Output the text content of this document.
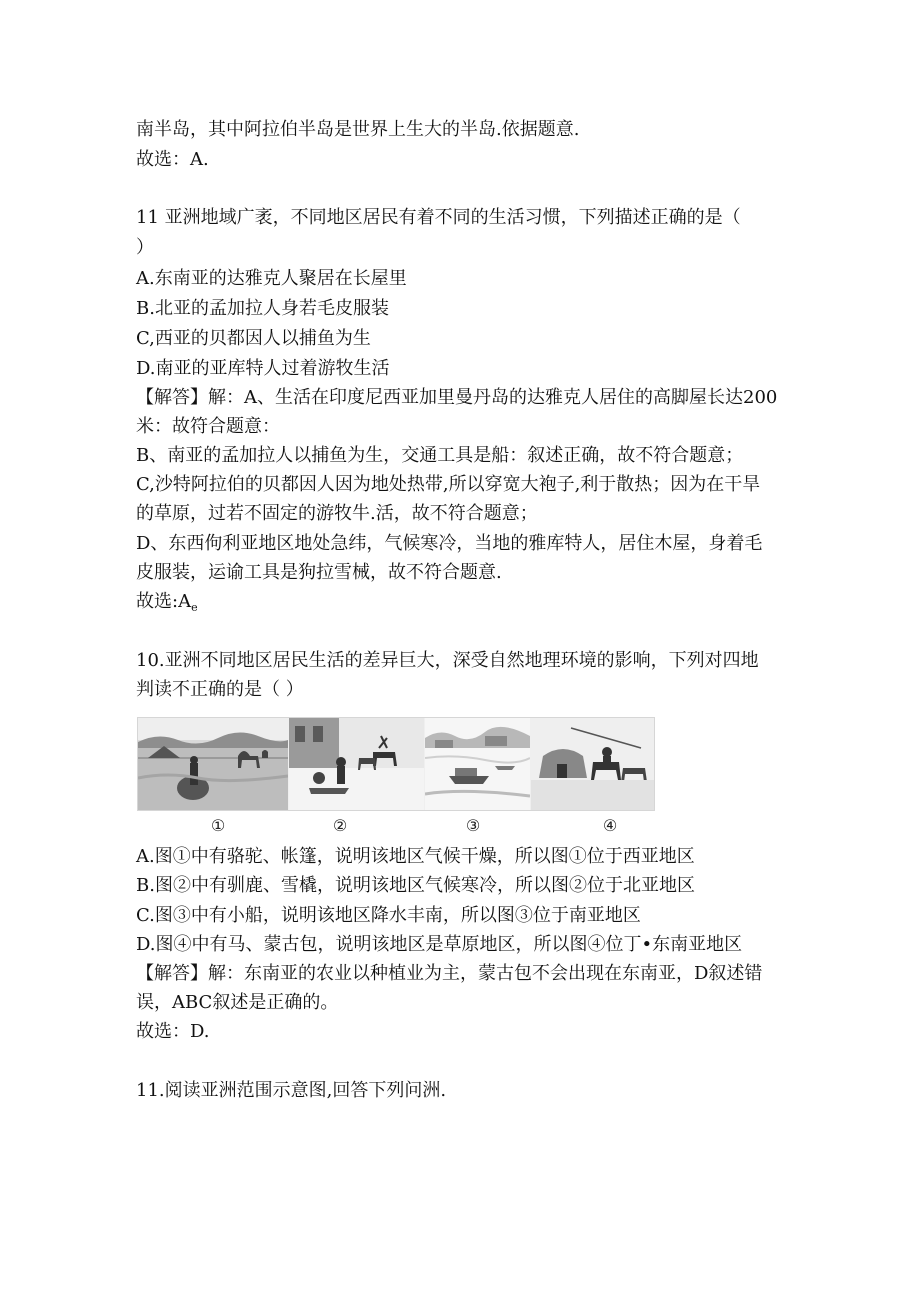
南半岛，其中阿拉伯半岛是世界上生大的半岛.依据题意.
故选：A.
11 亚洲地域广袤，不同地区居民有着不同的生活习惯，下列描述正确的是（
）
A.东南亚的达雅克人聚居在长屋里
B.北亚的孟加拉人身若毛皮服装
C,西亚的贝都因人以捕鱼为生
D.南亚的亚库特人过着游牧生活
【解答】解：A、生活在印度尼西亚加里曼丹岛的达雅克人居住的高脚屋长达200
米：故符合题意：
B、南亚的孟加拉人以捕鱼为生，交通工具是船：叙述正确，故不符合题意；
C,沙特阿拉伯的贝都因人因为地处热带,所以穿宽大袍子,利于散热；因为在干旱
的草原，过若不固定的游牧牛.活，故不符合题意；
D、东西佝利亚地区地处急纬，气候寒冷，当地的雅库特人，居住木屋，身着毛
皮服装，运谕工具是狗拉雪械，故不符合题意.
故选$:A_e$
10.亚洲不同地区居民生活的差异巨大，深受自然地理环境的影响，下列对四地
判读不正确的是（ ）
①	②	③	④
A.图①中有骆驼、帐篷，说明该地区气候干燥，所以图①位于西亚地区
B.图②中有驯鹿、雪橇，说明该地区气候寒冷，所以图②位于北亚地区
C.图③中有小船，说明该地区降水丰南，所以图③位于南亚地区
D.图④中有马、蒙古包，说明该地区是草原地区，所以图④位丁•东南亚地区
【解答】解：东南亚的农业以种植业为主，蒙古包不会出现在东南亚，D叙述错
误，ABC叙述是正确的。
故选：D.
11.阅读亚洲范围示意图,回答下列问洲.
